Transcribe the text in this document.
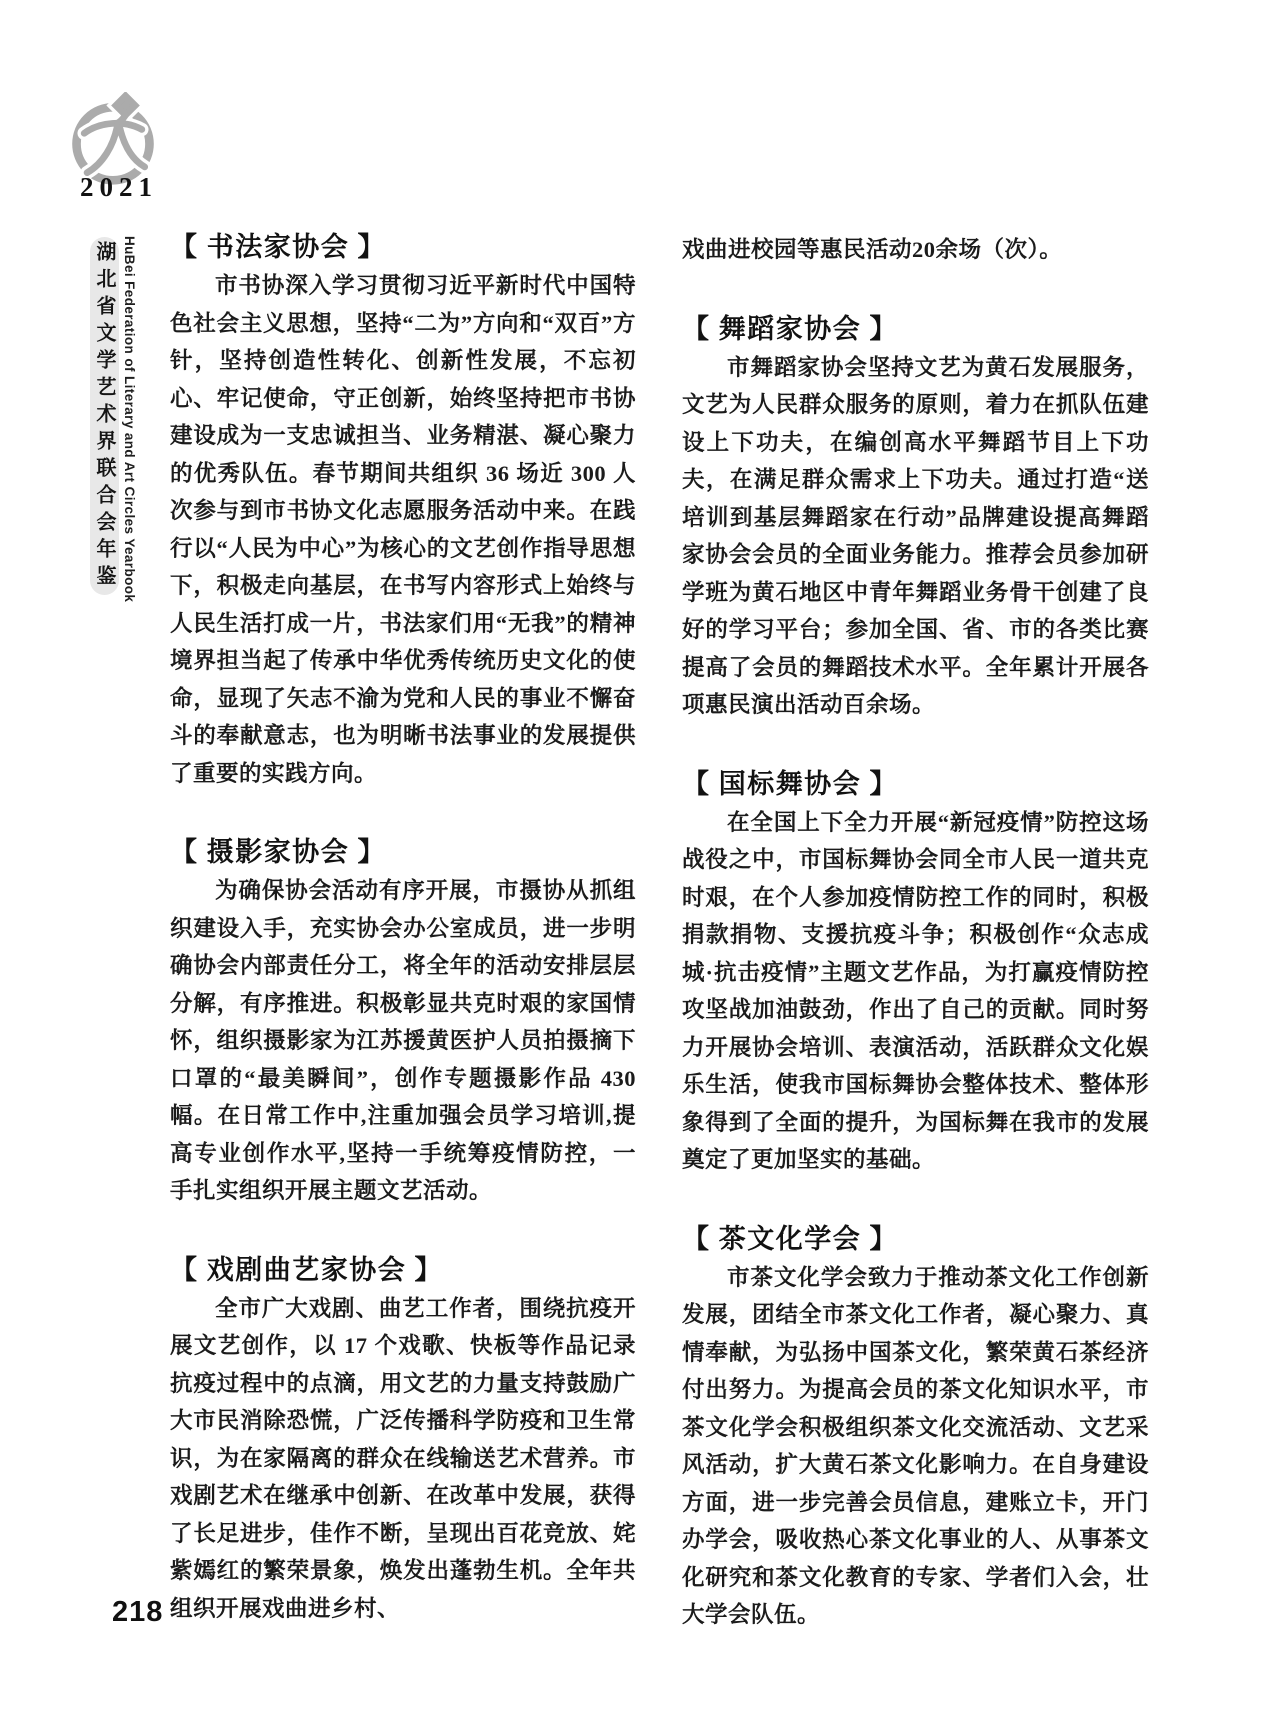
2021
湖北省文学艺术界联合会年鉴 HuBei Federation of Literary and Art Circles Yearbook
218
【 书法家协会 】

市书协深入学习贯彻习近平新时代中国特色社会主义思想，坚持“二为”方向和“双百”方针，坚持创造性转化、创新性发展，不忘初心、牢记使命，守正创新，始终坚持把市书协建设成为一支忠诚担当、业务精湛、凝心聚力的优秀队伍。春节期间共组织 36 场近 300 人次参与到市书协文化志愿服务活动中来。在践行以“人民为中心”为核心的文艺创作指导思想下，积极走向基层，在书写内容形式上始终与人民生活打成一片，书法家们用“无我”的精神境界担当起了传承中华优秀传统历史文化的使命，显现了矢志不渝为党和人民的事业不懈奋斗的奉献意志，也为明晰书法事业的发展提供了重要的实践方向。

【 摄影家协会 】

为确保协会活动有序开展，市摄协从抓组织建设入手，充实协会办公室成员，进一步明确协会内部责任分工，将全年的活动安排层层分解，有序推进。积极彰显共克时艰的家国情怀，组织摄影家为江苏援黄医护人员拍摄摘下口罩的“最美瞬间”，创作专题摄影作品 430 幅。在日常工作中,注重加强会员学习培训,提高专业创作水平,坚持一手统筹疫情防控，一手扎实组织开展主题文艺活动。

【 戏剧曲艺家协会 】

全市广大戏剧、曲艺工作者，围绕抗疫开展文艺创作，以 17 个戏歌、快板等作品记录抗疫过程中的点滴，用文艺的力量支持鼓励广大市民消除恐慌，广泛传播科学防疫和卫生常识，为在家隔离的群众在线输送艺术营养。市戏剧艺术在继承中创新、在改革中发展，获得了长足进步，佳作不断，呈现出百花竞放、姹紫嫣红的繁荣景象，焕发出蓬勃生机。全年共组织开展戏曲进乡村、

戏曲进校园等惠民活动20余场（次）。

【 舞蹈家协会 】

市舞蹈家协会坚持文艺为黄石发展服务，文艺为人民群众服务的原则，着力在抓队伍建设上下功夫，在编创高水平舞蹈节目上下功夫，在满足群众需求上下功夫。通过打造“送培训到基层舞蹈家在行动”品牌建设提高舞蹈家协会会员的全面业务能力。推荐会员参加研学班为黄石地区中青年舞蹈业务骨干创建了良好的学习平台；参加全国、省、市的各类比赛提高了会员的舞蹈技术水平。全年累计开展各项惠民演出活动百余场。

【 国标舞协会 】

在全国上下全力开展“新冠疫情”防控这场战役之中，市国标舞协会同全市人民一道共克时艰，在个人参加疫情防控工作的同时，积极捐款捐物、支援抗疫斗争；积极创作“众志成城·抗击疫情”主题文艺作品，为打赢疫情防控攻坚战加油鼓劲，作出了自己的贡献。同时努力开展协会培训、表演活动，活跃群众文化娱乐生活，使我市国标舞协会整体技术、整体形象得到了全面的提升，为国标舞在我市的发展奠定了更加坚实的基础。

【 茶文化学会 】

市茶文化学会致力于推动茶文化工作创新发展，团结全市茶文化工作者，凝心聚力、真情奉献，为弘扬中国茶文化，繁荣黄石茶经济付出努力。为提高会员的茶文化知识水平，市茶文化学会积极组织茶文化交流活动、文艺采风活动，扩大黄石茶文化影响力。在自身建设方面，进一步完善会员信息，建账立卡，开门办学会，吸收热心茶文化事业的人、从事茶文化研究和茶文化教育的专家、学者们入会，壮大学会队伍。
